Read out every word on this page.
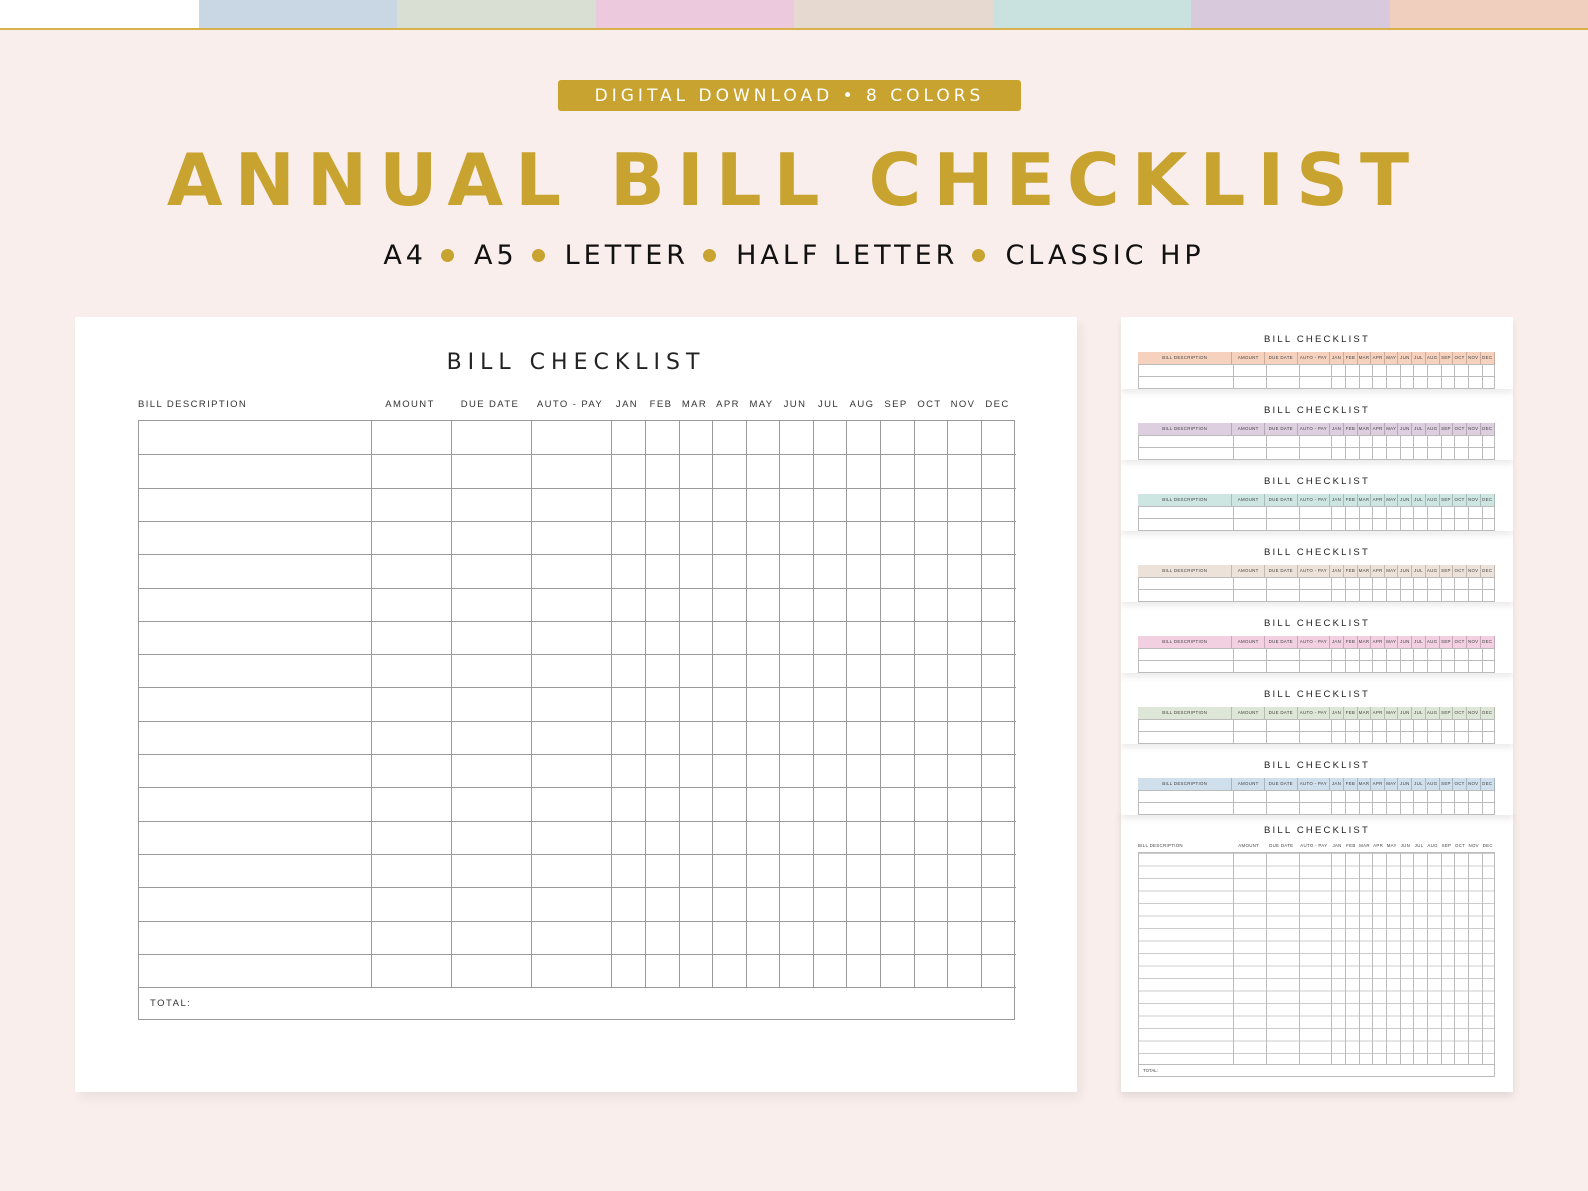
DIGITAL DOWNLOAD • 8 COLORS
ANNUAL BILL CHECKLIST
A4 A5 LETTER HALF LETTER CLASSIC HP
BILL CHECKLIST
BILL DESCRIPTION	AMOUNT	DUE DATE	AUTO - PAY	JAN	FEB	MAR APR	MAY	JUN	JUL	AUG	SEP	OCT NOV	DEC
TOTAL:
BILL CHECKLIST
BILL DESCRIPTION	AMOUNT	DUE DATE	AUTO - PAY	JAN	FEB MAR APR MAY JUN	JUL AUG SEP OCT NOV DEC
BILL CHECKLIST
BILL DESCRIPTION	AMOUNT	DUE DATE	AUTO - PAY	JAN	FEB MAR APR MAY JUN	JUL AUG SEP OCT NOV DEC
BILL CHECKLIST
BILL DESCRIPTION	AMOUNT	DUE DATE	AUTO - PAY	JAN	FEB MAR APR MAY JUN	JUL AUG SEP OCT NOV DEC
BILL CHECKLIST
BILL DESCRIPTION	AMOUNT	DUE DATE	AUTO - PAY	JAN	FEB MAR APR MAY JUN	JUL AUG SEP OCT NOV DEC
BILL CHECKLIST
BILL DESCRIPTION	AMOUNT	DUE DATE	AUTO - PAY	JAN	FEB MAR APR MAY JUN	JUL AUG SEP OCT NOV DEC
BILL CHECKLIST
BILL DESCRIPTION	AMOUNT	DUE DATE	AUTO - PAY	JAN	FEB MAR APR MAY JUN	JUL AUG SEP OCT NOV DEC
BILL CHECKLIST
BILL DESCRIPTION	AMOUNT	DUE DATE	AUTO - PAY	JAN	FEB MAR APR MAY JUN	JUL AUG SEP OCT NOV DEC
BILL CHECKLIST
BILL DESCRIPTION	AMOUNT	DUE DATE	AUTO - PAY	JAN	FEB MAR APR MAY JUN	JUL AUG SEP OCT NOV DEC
TOTAL:
